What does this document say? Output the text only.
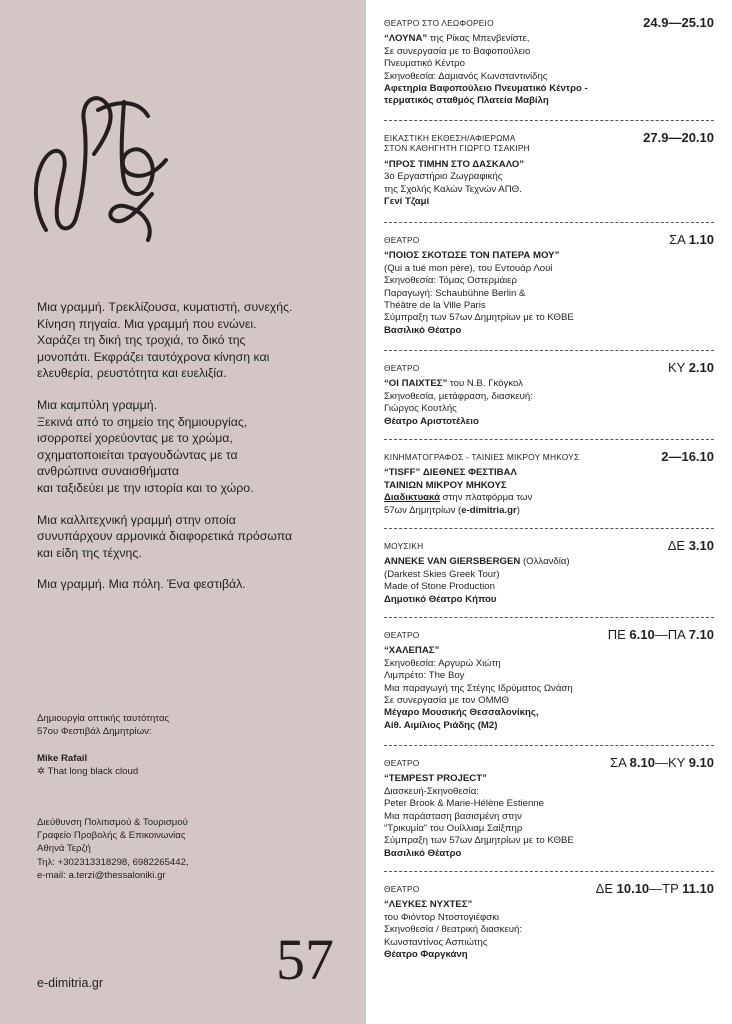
Μια γραμμή. Τρεκλίζουσα, κυματιστή, συνεχής.
Κίνηση πηγαία. Μια γραμμή που ενώνει.
Χαράζει τη δική της τροχιά, το δικό της
μονοπάτι. Εκφράζει ταυτόχρονα κίνηση και
ελευθερία, ρευστότητα και ευελιξία.

Μια καμπύλη γραμμή.
Ξεκινά από το σημείο της δημιουργίας,
ισορροπεί χορεύοντας με το χρώμα,
σχηματοποιείται τραγουδώντας με τα
ανθρώπινα συναισθήματα
και ταξιδεύει με την ιστορία και το χώρο.

Μια καλλιτεχνική γραμμή στην οποία
συνυπάρχουν αρμονικά διαφορετικά πρόσωπα
και είδη της τέχνης.

Μια γραμμή. Μια πόλη. Ένα φεστιβάλ.

Δημιουργία οπτικής ταυτότητας
57ου Φεστιβάλ Δημητρίων:
Mike Rafail
✲ That long black cloud
Διεύθυνση Πολιτισμού & Τουρισμού
Γραφείο Προβολής & Επικοινωνίας
Αθηνά Τερζή
Τηλ: +302313318298, 6982265442,
e-mail: a.terzi@thessaloniki.gr
e-dimitria.gr	57
ΘΕΑΤΡΟ ΣΤΟ ΛΕΩΦΟΡΕΙΟ	24.9—25.10
“ΛΟΥΝΑ” της Ρίκας Μπενβενίστε,
Σε συνεργασία με το Βαφοπούλειο
Πνευματικό Κέντρο
Σκηνοθεσία: Δαμιανός Κωνσταντινίδης
Αφετηρία Βαφοπούλειο Πνευματικό Κέντρο -
τερματικός σταθμός Πλατεία Μαβίλη
ΕΙΚΑΣΤΙΚΗ ΕΚΘΕΣΗ/ΑΦΙΕΡΩΜΑ
ΣΤΟΝ ΚΑΘΗΓΗΤΗ ΓΙΩΡΓΟ ΤΣΑΚΙΡΗ
27.9—20.10
“ΠΡΟΣ ΤΙΜΗΝ ΣΤΟ ΔΑΣΚΑΛΟ”
3ο Εργαστήριο Ζωγραφικής
της Σχολής Καλών Τεχνών ΑΠΘ.
Γενί Τζαμί
ΘΕΑΤΡΟ	ΣΑ 1.10
“ΠΟΙΟΣ ΣΚΟΤΩΣΕ ΤΟΝ ΠΑΤΕΡΑ ΜΟΥ”
(Qui a tué mon père), του Εντουάρ Λουί
Σκηνοθεσία: Τόμας Οστερμάιερ
Παραγωγή: Schaubühne Berlin &
Théâtre de la Ville Paris
Σύμπραξη των 57ων Δημητρίων με το ΚΘΒΕ
Βασιλικό Θέατρο
ΘΕΑΤΡΟ	ΚΥ 2.10
“ΟΙ ΠΑΙΧΤΕΣ” του Ν.Β. Γκόγκολ
Σκηνοθεσία, μετάφραση, διασκευή:
Γιώργος Κουτλής
Θέατρο Αριστοτέλειο
ΚΙΝΗΜΑΤΟΓΡΑΦΟΣ - ΤΑΙΝΙΕΣ ΜΙΚΡΟΥ ΜΗΚΟΥΣ	2—16.10
“TISFF” ΔΙΕΘΝΕΣ ΦΕΣΤΙΒΑΛ
ΤΑΙΝΙΩΝ ΜΙΚΡΟΥ ΜΗΚΟΥΣ
Διαδικτυακά στην πλατφόρμα των
57ων Δημητρίων (e-dimitria.gr)
ΜΟΥΣΙΚΗ	ΔΕ 3.10
ANNEKE VAN GIERSBERGEN (Ολλανδία)
(Darkest Skies Greek Tour)
Made of Stone Production
Δημοτικό Θέατρο Κήπου
ΘΕΑΤΡΟ	ΠΕ 6.10—ΠΑ 7.10
“ΧΑΛΕΠΑΣ”
Σκηνοθεσία: Αργυρώ Χιώτη
Λιμπρέτο: The Boy
Μια παραγωγή της Στέγης Ιδρύματος Ωνάση
Σε συνεργασία με τον ΟΜΜΘ
Μέγαρο Μουσικής Θεσσαλονίκης,
Αίθ. Αιμίλιος Ριάδης (Μ2)
ΘΕΑΤΡΟ	ΣΑ 8.10—ΚΥ 9.10
“TEMPEST PROJECT”
Διασκευή-Σκηνοθεσία:
Peter Brook & Marie-Hélène Estienne
Μια παράσταση βασισμένη στην
“Τρικυμία” του Ουίλλιαμ Σαίξπηρ
Σύμπραξη των 57ων Δημητρίων με το ΚΘΒΕ
Βασιλικό Θέατρο
ΘΕΑΤΡΟ	ΔΕ 10.10—ΤΡ 11.10
“ΛΕΥΚΕΣ ΝΥΧΤΕΣ”
του Φιόντορ Ντοστογιέφσκι
Σκηνοθεσία / θεατρική διασκευή:
Κωνσταντίνος Ασπιώτης
Θέατρο Φαργκάνη
